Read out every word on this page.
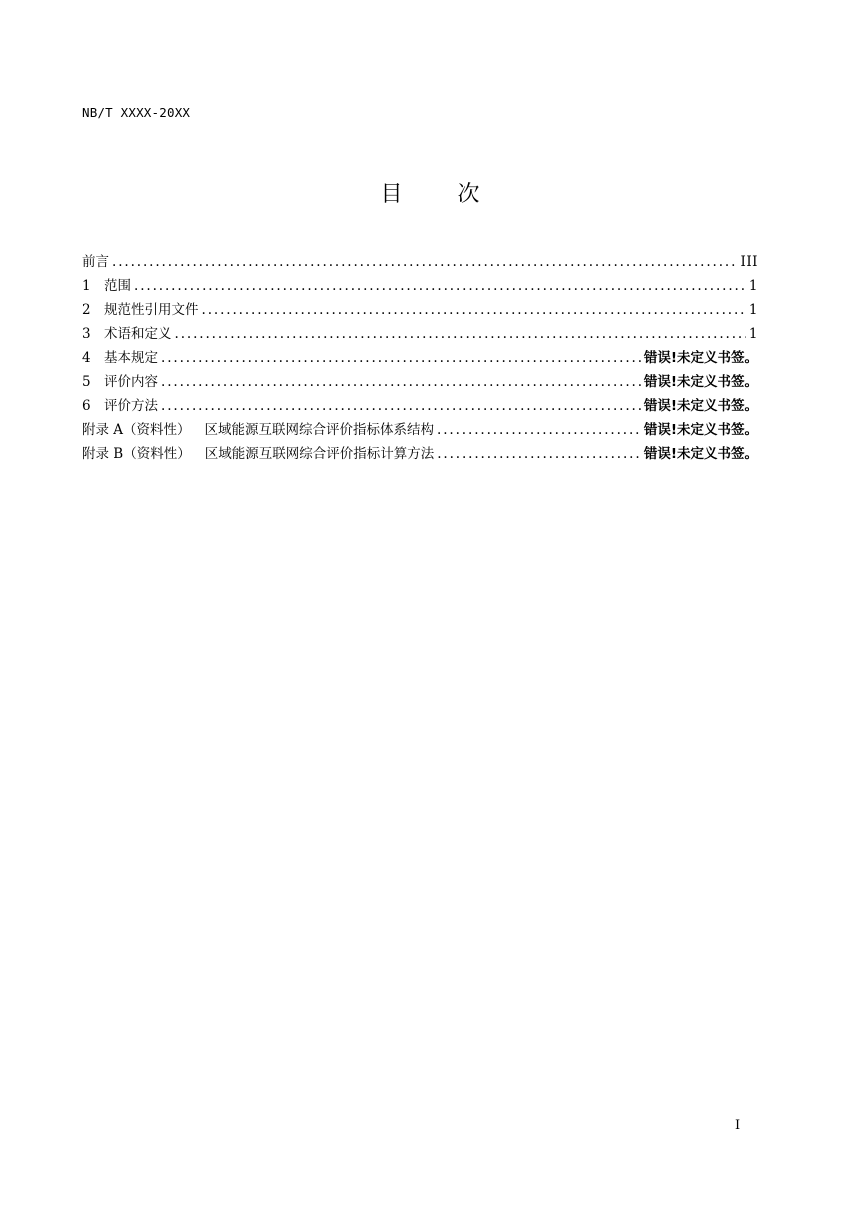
NB/T XXXX-20XX
目	次
前言 .....	III
1 范围 .....	1
2 规范性引用文件 .....	1
3 术语和定义 .....	1
4 基本规定 .....	错误!未定义书签。
5 评价内容 .....	错误!未定义书签。
6 评价方法 .....	错误!未定义书签。
附录 A（资料性） 区域能源互联网综合评价指标体系结构 .....	错误!未定义书签。
附录 B（资料性） 区域能源互联网综合评价指标计算方法 .....	错误!未定义书签。
I
